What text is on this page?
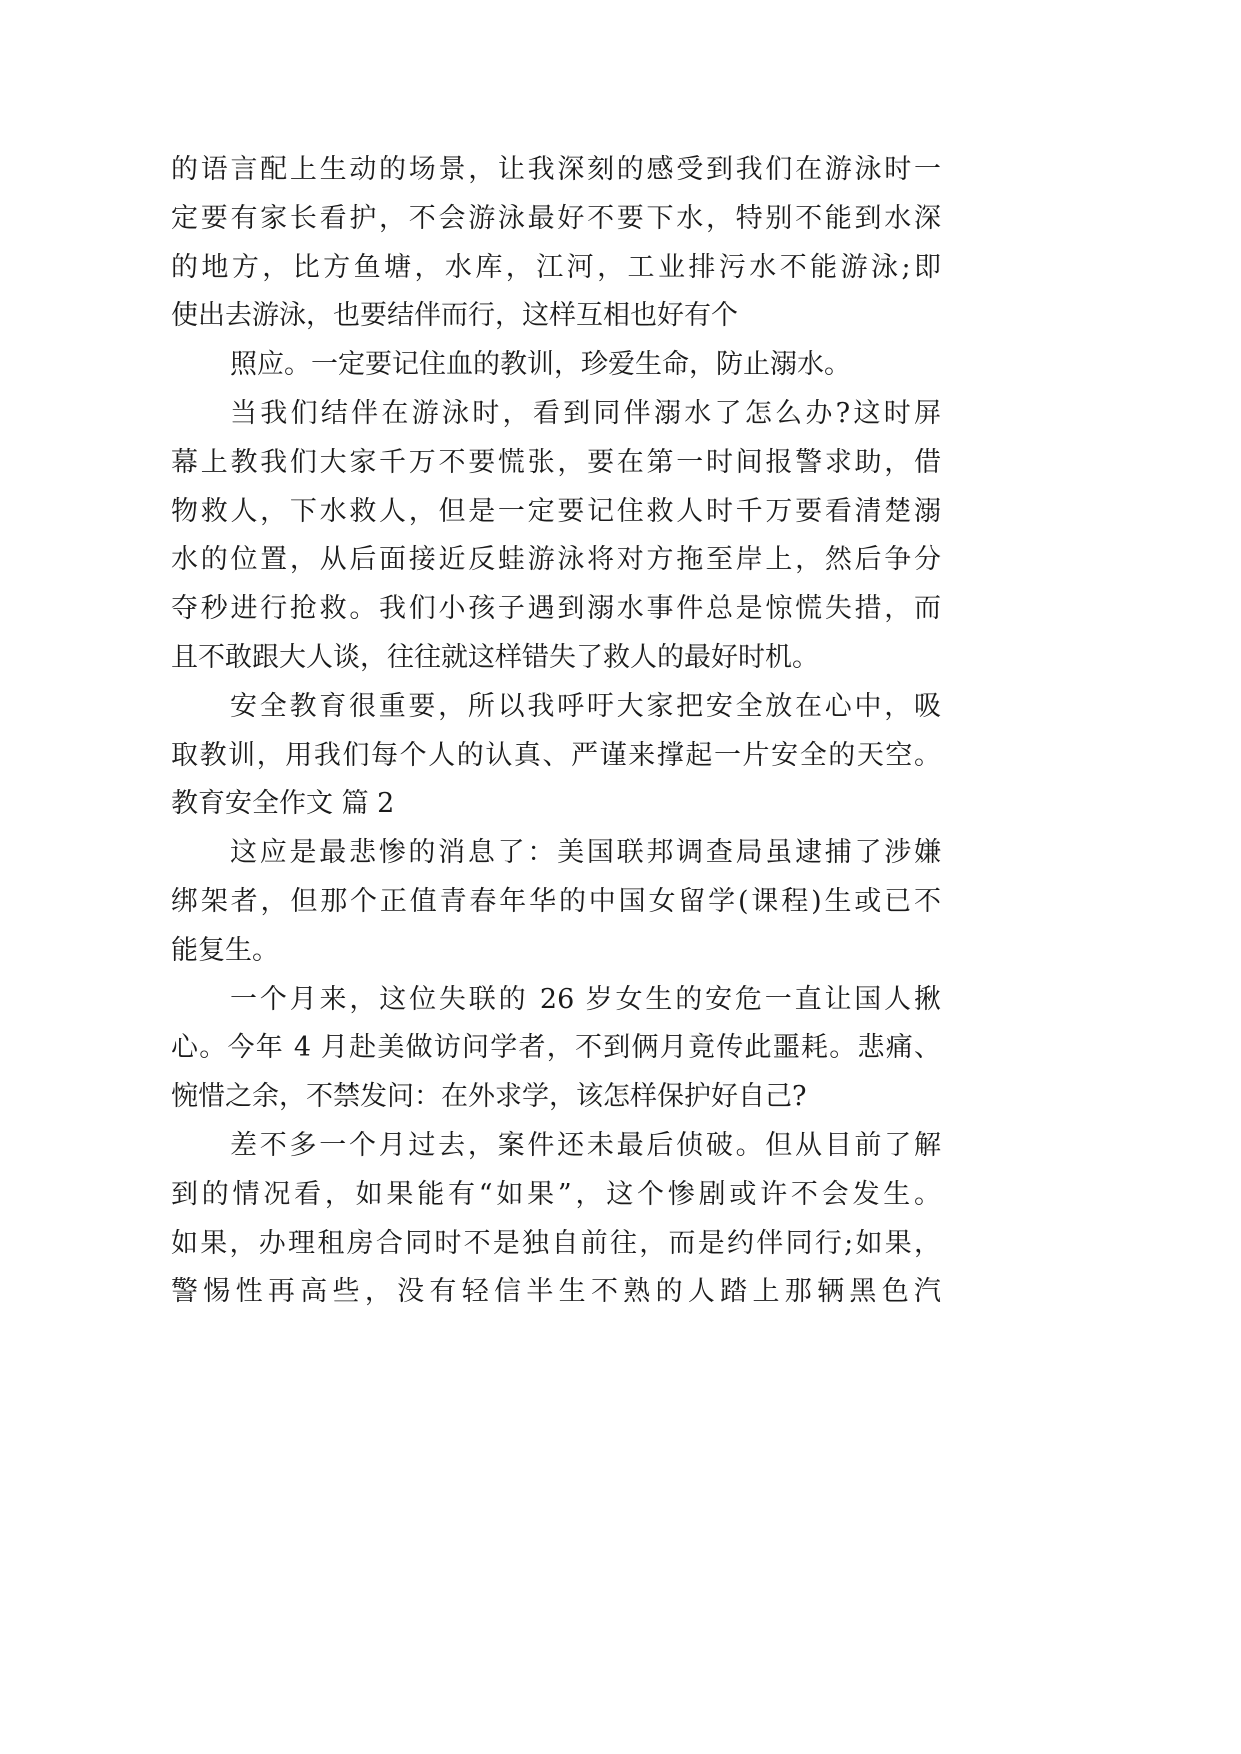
的语言配上生动的场景，让我深刻的感受到我们在游泳时一
定要有家长看护，不会游泳最好不要下水，特别不能到水深
的地方，比方鱼塘，水库，江河，工业排污水不能游泳;即
使出去游泳，也要结伴而行，这样互相也好有个
照应。一定要记住血的教训，珍爱生命，防止溺水。
当我们结伴在游泳时，看到同伴溺水了怎么办?这时屏
幕上教我们大家千万不要慌张，要在第一时间报警求助，借
物救人，下水救人，但是一定要记住救人时千万要看清楚溺
水的位置，从后面接近反蛙游泳将对方拖至岸上，然后争分
夺秒进行抢救。我们小孩子遇到溺水事件总是惊慌失措，而
且不敢跟大人谈，往往就这样错失了救人的最好时机。
安全教育很重要，所以我呼吁大家把安全放在心中，吸
取教训，用我们每个人的认真、严谨来撑起一片安全的天空。
教育安全作文 篇 2
这应是最悲惨的消息了：美国联邦调查局虽逮捕了涉嫌
绑架者，但那个正值青春年华的中国女留学(课程)生或已不
能复生。
一个月来，这位失联的 26 岁女生的安危一直让国人揪
心。今年 4 月赴美做访问学者，不到俩月竟传此噩耗。悲痛、
惋惜之余，不禁发问：在外求学，该怎样保护好自己?
差不多一个月过去，案件还未最后侦破。但从目前了解
到的情况看，如果能有“如果”，这个惨剧或许不会发生。
如果，办理租房合同时不是独自前往，而是约伴同行;如果，
警惕性再高些，没有轻信半生不熟的人踏上那辆黑色汽
